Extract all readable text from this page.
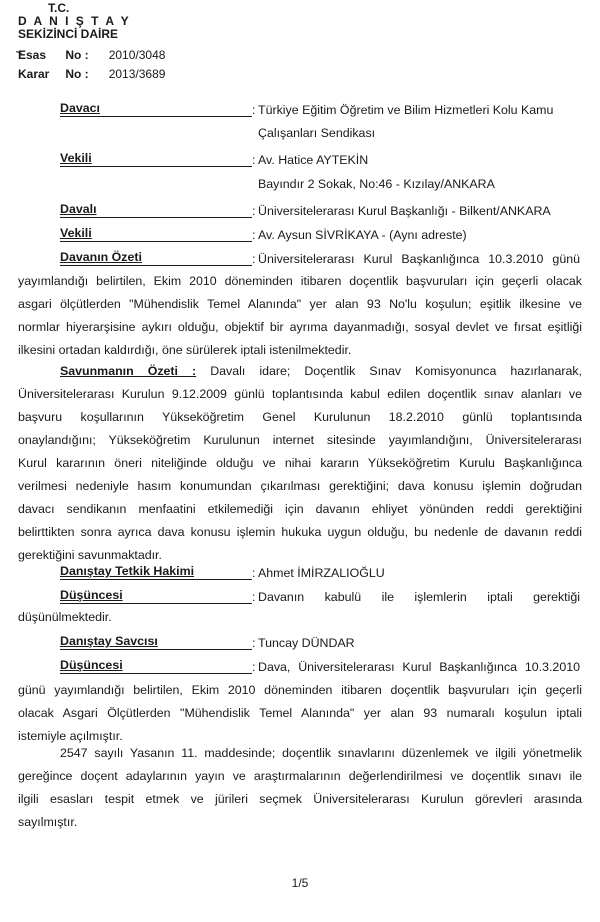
T.C.
D A N I Ş T A Y
SEKİZİNCİ DAİRE
Esas No : 2010/3048
Karar No : 2013/3689
Davacı	: Türkiye Eğitim Öğretim ve Bilim Hizmetleri Kolu Kamu
Çalışanları Sendikası
Vekili	: Av. Hatice AYTEKİN
Bayındır 2 Sokak, No:46 - Kızılay/ANKARA
Davalı	: Üniversitelerarası Kurul Başkanlığı - Bilkent/ANKARA
Vekili	: Av. Aysun SİVRİKAYA - (Aynı adreste)
Davanın Özeti	: Üniversitelerarası Kurul Başkanlığınca 10.3.2010 günü
yayımlandığı belirtilen, Ekim 2010 döneminden itibaren doçentlik başvuruları için geçerli olacak
asgari ölçütlerden "Mühendislik Temel Alanında" yer alan 93 No'lu koşulun; eşitlik ilkesine ve
normlar hiyerarşisine aykırı olduğu, objektif bir ayrıma dayanmadığı, sosyal devlet ve fırsat eşitliği
ilkesini ortadan kaldırdığı, öne sürülerek iptali istenilmektedir.
Savunmanın Özeti : Davalı idare; Doçentlik Sınav Komisyonunca hazırlanarak,
Üniversitelerarası Kurulun 9.12.2009 günlü toplantısında kabul edilen doçentlik sınav alanları ve
başvuru koşullarının Yükseköğretim Genel Kurulunun 18.2.2010 günlü toplantısında
onaylandığını; Yükseköğretim Kurulunun internet sitesinde yayımlandığını, Üniversitelerarası
Kurul kararının öneri niteliğinde olduğu ve nihai kararın Yükseköğretim Kurulu Başkanlığınca
verilmesi nedeniyle hasım konumundan çıkarılması gerektiğini; dava konusu işlemin doğrudan
davacı sendikanın menfaatini etkilemediği için davanın ehliyet yönünden reddi gerektiğini
belirttikten sonra ayrıca dava konusu işlemin hukuka uygun olduğu, bu nedenle de davanın reddi
gerektiğini savunmaktadır.
Danıştay Tetkik Hakimi	: Ahmet İMİRZALIOĞLU
Düşüncesi	: Davanın kabulü ile işlemlerin iptali gerektiği
düşünülmektedir.
Danıştay Savcısı	: Tuncay DÜNDAR
Düşüncesi	: Dava, Üniversitelerarası Kurul Başkanlığınca 10.3.2010
günü yayımlandığı belirtilen, Ekim 2010 döneminden itibaren doçentlik başvuruları için geçerli
olacak Asgari Ölçütlerden "Mühendislik Temel Alanında" yer alan 93 numaralı koşulun iptali
istemiyle açılmıştır.
2547 sayılı Yasanın 11. maddesinde; doçentlik sınavlarını düzenlemek ve ilgili yönetmelik
gereğince doçent adaylarının yayın ve araştırmalarının değerlendirilmesi ve doçentlik sınavı ile
ilgili esasları tespit etmek ve jürileri seçmek Üniversitelerarası Kurulun görevleri arasında
sayılmıştır.
1/5
